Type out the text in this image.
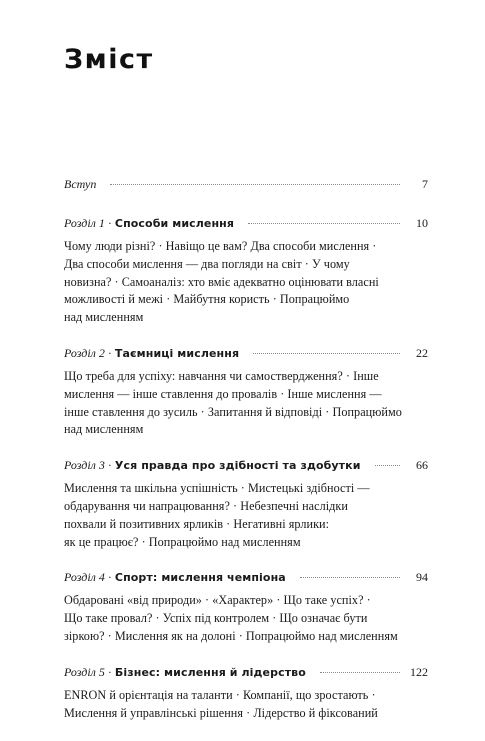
Зміст
Вступ	7
Розділ 1 · Способи мислення	10
Чому люди різні? · Навіщо це вам? Два способи мислення ·
Два способи мислення — два погляди на світ · У чому
новизна? · Самоаналіз: хто вміє адекватно оцінювати власні
можливості й межі · Майбутня користь · Попрацюймо
над мисленням
Розділ 2 · Таємниці мислення	22
Що треба для успіху: навчання чи самоствердження? · Інше
мислення — інше ставлення до провалів · Інше мислення —
інше ставлення до зусиль · Запитання й відповіді · Попрацюймо
над мисленням
Розділ 3 · Уся правда про здібності та здобутки	66
Мислення та шкільна успішність · Мистецькі здібності —
обдарування чи напрацювання? · Небезпечні наслідки
похвали й позитивних ярликів · Негативні ярлики:
як це працює? · Попрацюймо над мисленням
Розділ 4 · Спорт: мислення чемпіона	94
Обдаровані «від природи» · «Характер» · Що таке успіх? ·
Що таке провал? · Успіх під контролем · Що означає бути
зіркою? · Мислення як на долоні · Попрацюймо над мисленням
Розділ 5 · Бізнес: мислення й лідерство	122
ENRON й орієнтація на таланти · Компанії, що зростають ·
Мислення й управлінські рішення · Лідерство й фіксований
